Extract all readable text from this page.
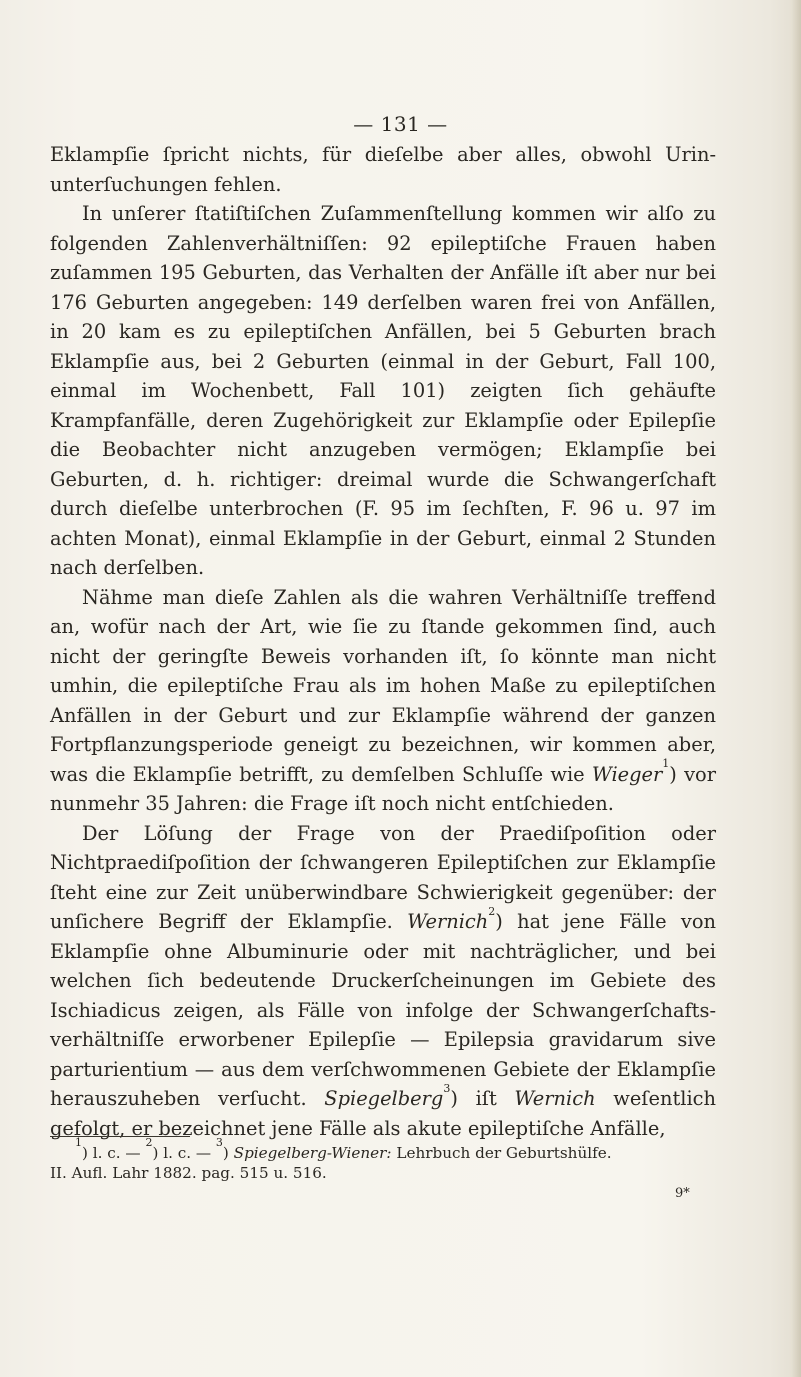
— 131 —

Eklampſie ſpricht nichts, für dieſelbe aber alles, obwohl Urinunterſuchungen fehlen.

In unſerer ſtatiſtiſchen Zuſammenſtellung kommen wir alſo zu folgenden Zahlenverhältniſſen: 92 epileptiſche Frauen haben zuſammen 195 Geburten, das Verhalten der Anfälle iſt aber nur bei 176 Geburten angegeben: 149 derſelben waren frei von Anfällen, in 20 kam es zu epileptiſchen Anfällen, bei 5 Geburten brach Eklampſie aus, bei 2 Geburten (einmal in der Geburt, Fall 100, einmal im Wochenbett, Fall 101) zeigten ſich gehäufte Krampfanfälle, deren Zugehörigkeit zur Eklampſie oder Epilepſie die Beobachter nicht anzugeben vermögen; Eklampſie bei Geburten, d. h. richtiger: dreimal wurde die Schwangerſchaft durch dieſelbe unterbrochen (F. 95 im ſechſten, F. 96 u. 97 im achten Monat), einmal Eklampſie in der Geburt, einmal 2 Stunden nach derſelben.

Nähme man dieſe Zahlen als die wahren Verhältniſſe treffend an, wofür nach der Art, wie ſie zu ſtande gekommen ſind, auch nicht der geringſte Beweis vorhanden iſt, ſo könnte man nicht umhin, die epileptiſche Frau als im hohen Maße zu epileptiſchen Anfällen in der Geburt und zur Eklampſie während der ganzen Fortpflanzungsperiode geneigt zu bezeichnen, wir kommen aber, was die Eklampſie betrifft, zu demſelben Schluſſe wie Wieger$^1$) vor nunmehr 35 Jahren: die Frage iſt noch nicht entſchieden.

Der Löſung der Frage von der Praediſpoſition oder Nichtpraediſpoſition der ſchwangeren Epileptiſchen zur Eklampſie ſteht eine zur Zeit unüberwindbare Schwierigkeit gegenüber: der unſichere Begriff der Eklampſie. Wernich$^2$) hat jene Fälle von Eklampſie ohne Albuminurie oder mit nachträglicher, und bei welchen ſich bedeutende Druckerſcheinungen im Gebiete des Ischiadicus zeigen, als Fälle von infolge der Schwangerſchaftsverhältniſſe erworbener Epilepſie — Epilepsia gravidarum sive parturientium — aus dem verſchwommenen Gebiete der Eklampſie herauszuheben verſucht. Spiegelberg$^3$) iſt Wernich weſentlich gefolgt, er bezeichnet jene Fälle als akute epileptiſche Anfälle,

$^1$) l. c. — $^2$) l. c. — $^3$) Spiegelberg-Wiener: Lehrbuch der Geburtshülfe.

II. Aufl. Lahr 1882. pag. 515 u. 516.

9*
